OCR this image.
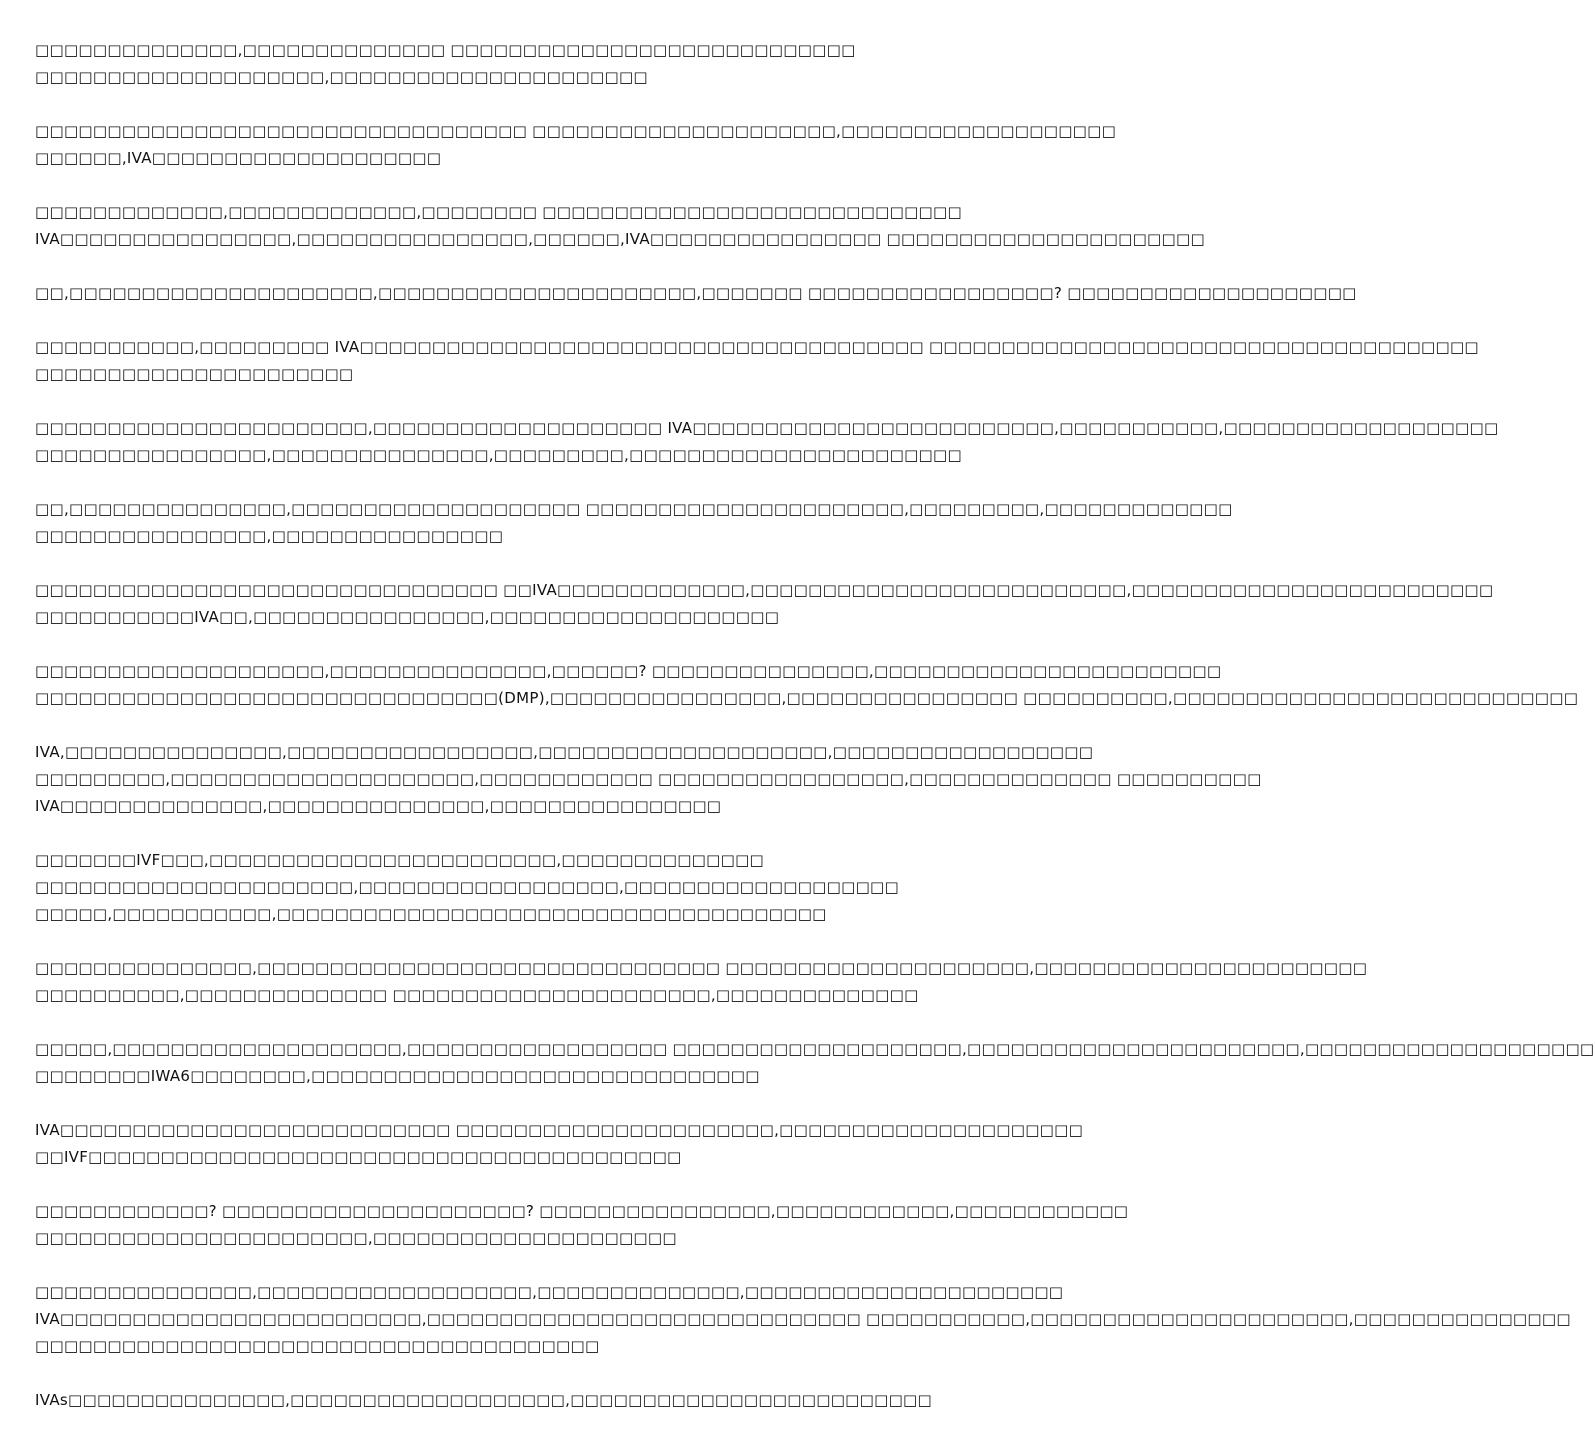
□□□□□□□□□□□□□□,□□□□□□□□□□□□□□ □□□□□□□□□□□□□□□□□□□□□□□□□□□□
□□□□□□□□□□□□□□□□□□□□,□□□□□□□□□□□□□□□□□□□□□□
□□□□□□□□□□□□□□□□□□□□□□□□□□□□□□□□□□ □□□□□□□□□□□□□□□□□□□□□,□□□□□□□□□□□□□□□□□□□
□□□□□□,IVA□□□□□□□□□□□□□□□□□□□□
□□□□□□□□□□□□□,□□□□□□□□□□□□□,□□□□□□□□ □□□□□□□□□□□□□□□□□□□□□□□□□□□□□
IVA□□□□□□□□□□□□□□□□,□□□□□□□□□□□□□□□□,□□□□□□,IVA□□□□□□□□□□□□□□□□ □□□□□□□□□□□□□□□□□□□□□□
□□,□□□□□□□□□□□□□□□□□□□□□,□□□□□□□□□□□□□□□□□□□□□□,□□□□□□□ □□□□□□□□□□□□□□□□□? □□□□□□□□□□□□□□□□□□□□
□□□□□□□□□□□,□□□□□□□□□ IVA□□□□□□□□□□□□□□□□□□□□□□□□□□□□□□□□□□□□□□□ □□□□□□□□□□□□□□□□□□□□□□□□□□□□□□□□□□□□□□
□□□□□□□□□□□□□□□□□□□□□□
□□□□□□□□□□□□□□□□□□□□□□□,□□□□□□□□□□□□□□□□□□□□ IVA□□□□□□□□□□□□□□□□□□□□□□□□□,□□□□□□□□□□□,□□□□□□□□□□□□□□□□□□□
□□□□□□□□□□□□□□□□,□□□□□□□□□□□□□□□,□□□□□□□□□,□□□□□□□□□□□□□□□□□□□□□□□
□□,□□□□□□□□□□□□□□□,□□□□□□□□□□□□□□□□□□□□ □□□□□□□□□□□□□□□□□□□□□□,□□□□□□□□□,□□□□□□□□□□□□□
□□□□□□□□□□□□□□□□,□□□□□□□□□□□□□□□□
□□□□□□□□□□□□□□□□□□□□□□□□□□□□□□□□ □□IVA□□□□□□□□□□□□□,□□□□□□□□□□□□□□□□□□□□□□□□□□,□□□□□□□□□□□□□□□□□□□□□□□□□
□□□□□□□□□□□IVA□□,□□□□□□□□□□□□□□□□,□□□□□□□□□□□□□□□□□□□□
□□□□□□□□□□□□□□□□□□□□,□□□□□□□□□□□□□□□,□□□□□□? □□□□□□□□□□□□□□□,□□□□□□□□□□□□□□□□□□□□□□□□
□□□□□□□□□□□□□□□□□□□□□□□□□□□□□□□□(DMP),□□□□□□□□□□□□□□□□,□□□□□□□□□□□□□□□□ □□□□□□□□□□,□□□□□□□□□□□□□□□□□□□□□□□□□□□□
IVA,□□□□□□□□□□□□□□□,□□□□□□□□□□□□□□□□□,□□□□□□□□□□□□□□□□□□□□,□□□□□□□□□□□□□□□□□□
□□□□□□□□□,□□□□□□□□□□□□□□□□□□□□□,□□□□□□□□□□□□ □□□□□□□□□□□□□□□□□,□□□□□□□□□□□□□□ □□□□□□□□□□
IVA□□□□□□□□□□□□□□,□□□□□□□□□□□□□□□,□□□□□□□□□□□□□□□□
□□□□□□□IVF□□□,□□□□□□□□□□□□□□□□□□□□□□□□,□□□□□□□□□□□□□□
□□□□□□□□□□□□□□□□□□□□□□,□□□□□□□□□□□□□□□□□□,□□□□□□□□□□□□□□□□□□□
□□□□□,□□□□□□□□□□□,□□□□□□□□□□□□□□□□□□□□□□□□□□□□□□□□□□□□□□
□□□□□□□□□□□□□□□,□□□□□□□□□□□□□□□□□□□□□□□□□□□□□□□□ □□□□□□□□□□□□□□□□□□□□□,□□□□□□□□□□□□□□□□□□□□□□□
□□□□□□□□□□,□□□□□□□□□□□□□□ □□□□□□□□□□□□□□□□□□□□□□,□□□□□□□□□□□□□□
□□□□□,□□□□□□□□□□□□□□□□□□□□,□□□□□□□□□□□□□□□□□□ □□□□□□□□□□□□□□□□□□□□,□□□□□□□□□□□□□□□□□□□□□□□,□□□□□□□□□□□□□□□□□□□□
□□□□□□□□IWA6□□□□□□□□,□□□□□□□□□□□□□□□□□□□□□□□□□□□□□□□
IVA□□□□□□□□□□□□□□□□□□□□□□□□□□□ □□□□□□□□□□□□□□□□□□□□□□,□□□□□□□□□□□□□□□□□□□□□
□□IVF□□□□□□□□□□□□□□□□□□□□□□□□□□□□□□□□□□□□□□□□□
□□□□□□□□□□□□? □□□□□□□□□□□□□□□□□□□□□? □□□□□□□□□□□□□□□□,□□□□□□□□□□□□,□□□□□□□□□□□□
□□□□□□□□□□□□□□□□□□□□□□□,□□□□□□□□□□□□□□□□□□□□□
□□□□□□□□□□□□□□□,□□□□□□□□□□□□□□□□□□□,□□□□□□□□□□□□□□,□□□□□□□□□□□□□□□□□□□□□□
IVA□□□□□□□□□□□□□□□□□□□□□□□□□,□□□□□□□□□□□□□□□□□□□□□□□□□□□□□□ □□□□□□□□□□□,□□□□□□□□□□□□□□□□□□□□□□,□□□□□□□□□□□□□□□
□□□□□□□□□□□□□□□□□□□□□□□□□□□□□□□□□□□□□□□
IVAs□□□□□□□□□□□□□□□,□□□□□□□□□□□□□□□□□□□,□□□□□□□□□□□□□□□□□□□□□□□□□
